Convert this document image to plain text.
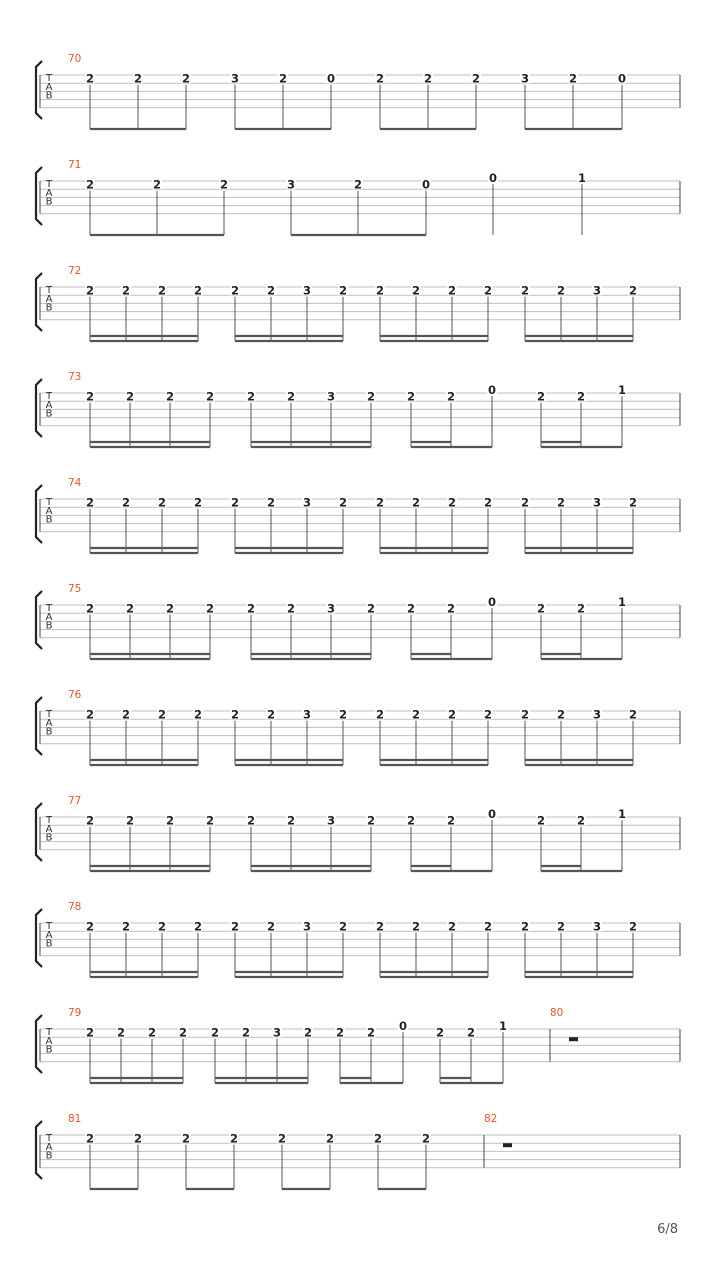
T
A
B
70
2	2	2	3	2	0	2	2	2	3	2	0
T
A
B
71
2	2	2	3	2	0	0	1
T
A
B
72
2 2 2 2	2 2 3 2	2 2 2 2	2 2 3 2
T
A
B
73
2	2	2	2	2	2	3	2	2	2	0	2	2	1
T
A
B
74
2 2 2 2	2 2 3 2	2 2 2 2	2 2 3 2
T
A
B
75
2	2	2	2	2	2	3	2	2	2	0	2	2	1
T
A
B
76
2 2 2 2	2 2 3 2	2 2 2 2	2 2 3 2
T
A
B
77
2	2	2	2	2	2	3	2	2	2	0	2	2	1
T
A
B
78
2 2 2 2	2 2 3 2	2 2 2 2	2 2 3 2
T
A
B
79
2 2 2 2 2 2 3 2 2 2 0	2 2 1
80
T
A
B
81
2	2	2	2	2	2	2	2
82
6/8
